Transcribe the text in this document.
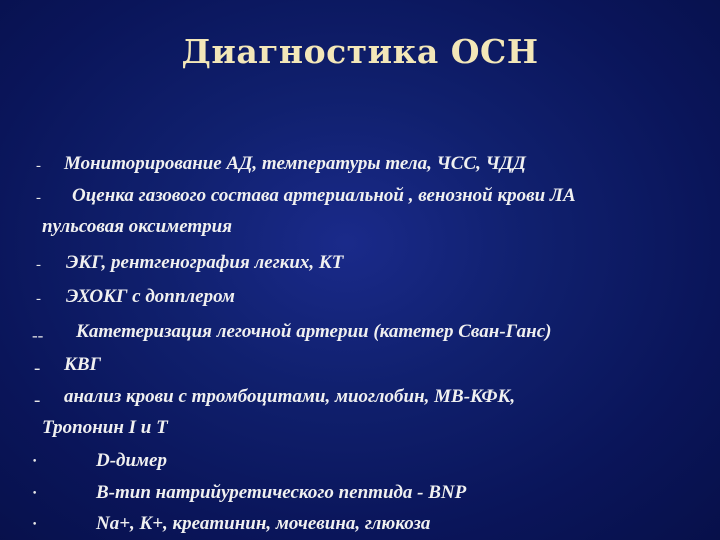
Диагностика ОСН
- Мониторирование АД, температуры тела, ЧСС, ЧДД
- Оценка газового состава артериальной , венозной крови ЛА
пульсовая оксиметрия
- ЭКГ, рентгенография легких, КТ
- ЭХОКГ с допплером
-- Катетеризация легочной артерии (катетер Сван-Ганс)
- КВГ
- анализ крови с тромбоцитами, миоглобин, МВ-КФК,
Тропонин I и T
•	D-димер
•	B-тип натрийуретического пептида - BNP
•	Na+, K+, креатинин, мочевина, глюкоза
